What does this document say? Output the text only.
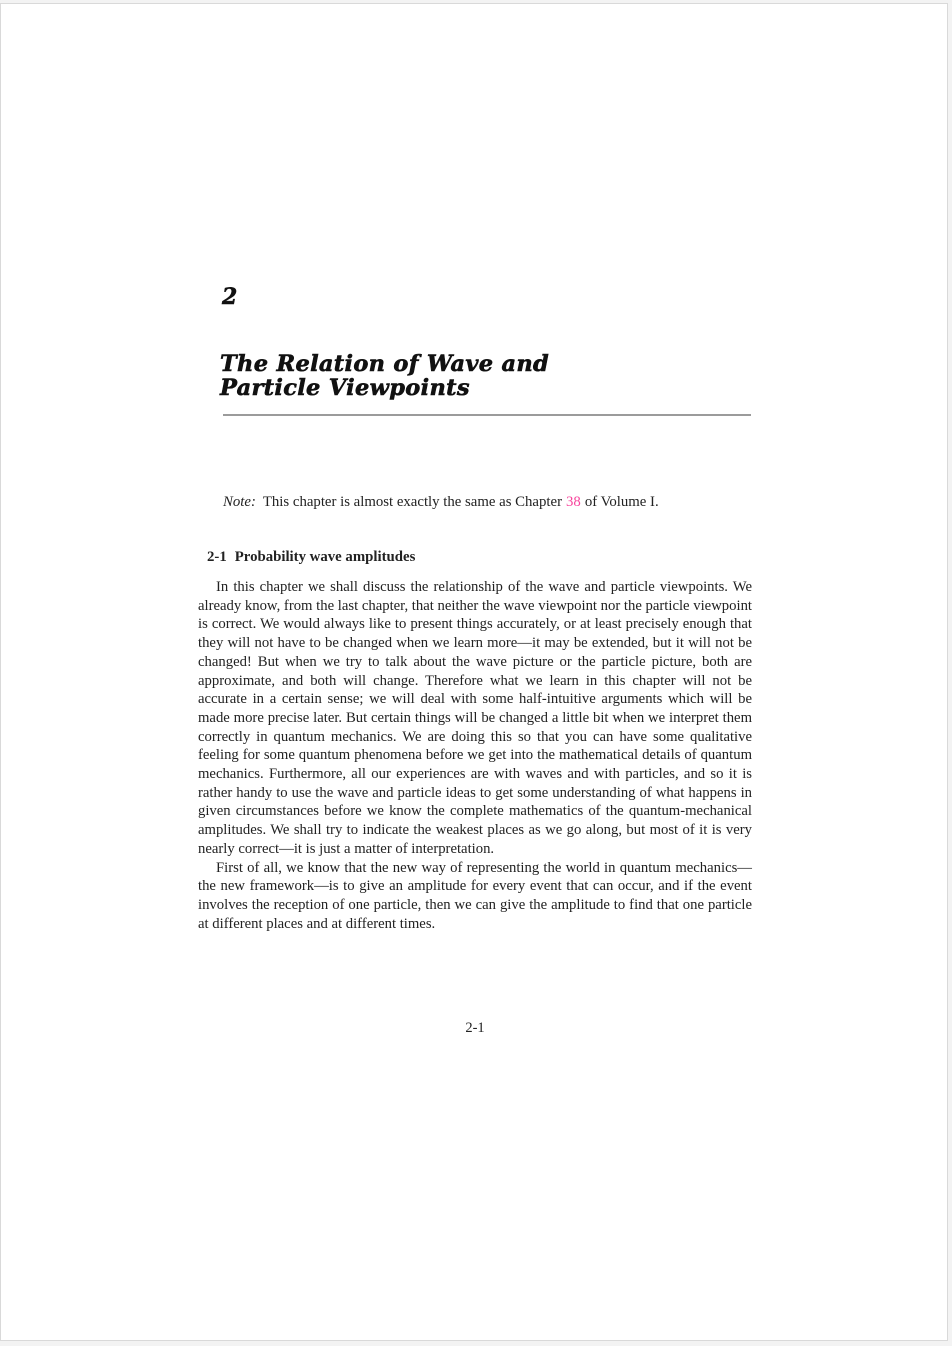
2
The Relation of Wave and
Particle Viewpoints
Note: This chapter is almost exactly the same as Chapter 38 of Volume I.
2-1 Probability wave amplitudes

In this chapter we shall discuss the relationship of the wave and particle viewpoints. We already know, from the last chapter, that neither the wave viewpoint nor the particle viewpoint is correct. We would always like to present things accurately, or at least precisely enough that they will not have to be changed when we learn more—it may be extended, but it will not be changed! But when we try to talk about the wave picture or the particle picture, both are approximate, and both will change. Therefore what we learn in this chapter will not be accurate in a certain sense; we will deal with some half-intuitive arguments which will be made more precise later. But certain things will be changed a little bit when we interpret them correctly in quantum mechanics. We are doing this so that you can have some qualitative feeling for some quantum phenomena before we get into the mathematical details of quantum mechanics. Furthermore, all our experiences are with waves and with particles, and so it is rather handy to use the wave and particle ideas to get some understanding of what happens in given circumstances before we know the complete mathematics of the quantum-mechanical amplitudes. We shall try to indicate the weakest places as we go along, but most of it is very nearly correct—it is just a matter of interpretation.

First of all, we know that the new way of representing the world in quantum mechanics—the new framework—is to give an amplitude for every event that can occur, and if the event involves the reception of one particle, then we can give the amplitude to find that one particle at different places and at different times.

2-1
